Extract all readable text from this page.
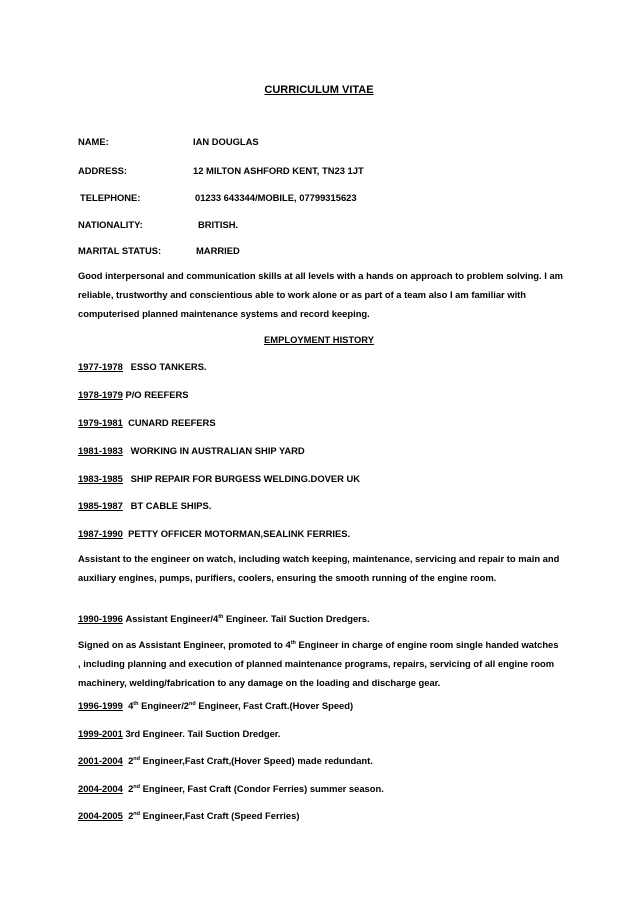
CURRICULUM VITAE
NAME:	IAN DOUGLAS
ADDRESS:	12 MILTON ASHFORD KENT, TN23 1JT
TELEPHONE:	01233 643344/MOBILE, 07799315623
NATIONALITY:	BRITISH.
MARITAL STATUS:	MARRIED
Good interpersonal and communication skills at all levels with a hands on approach to problem solving. I am reliable, trustworthy and conscientious able to work alone or as part of a team also I am familiar with computerised planned maintenance systems and record keeping.
EMPLOYMENT HISTORY
1977-1978 ESSO TANKERS.
1978-1979 P/O REEFERS
1979-1981 CUNARD REEFERS
1981-1983 WORKING IN AUSTRALIAN SHIP YARD
1983-1985 SHIP REPAIR FOR BURGESS WELDING.DOVER UK
1985-1987 BT CABLE SHIPS.
1987-1990 PETTY OFFICER MOTORMAN,SEALINK FERRIES.
Assistant to the engineer on watch, including watch keeping, maintenance, servicing and repair to main and auxiliary engines, pumps, purifiers, coolers, ensuring the smooth running of the engine room.
1990-1996 Assistant Engineer/4th Engineer. Tail Suction Dredgers.
Signed on as Assistant Engineer, promoted to 4th Engineer in charge of engine room single handed watches , including planning and execution of planned maintenance programs, repairs, servicing of all engine room machinery, welding/fabrication to any damage on the loading and discharge gear.
1996-1999 4th Engineer/2nd Engineer, Fast Craft.(Hover Speed)
1999-2001 3rd Engineer. Tail Suction Dredger.
2001-2004 2nd Engineer,Fast Craft,(Hover Speed) made redundant.
2004-2004 2nd Engineer, Fast Craft (Condor Ferries) summer season.
2004-2005 2nd Engineer,Fast Craft (Speed Ferries)
